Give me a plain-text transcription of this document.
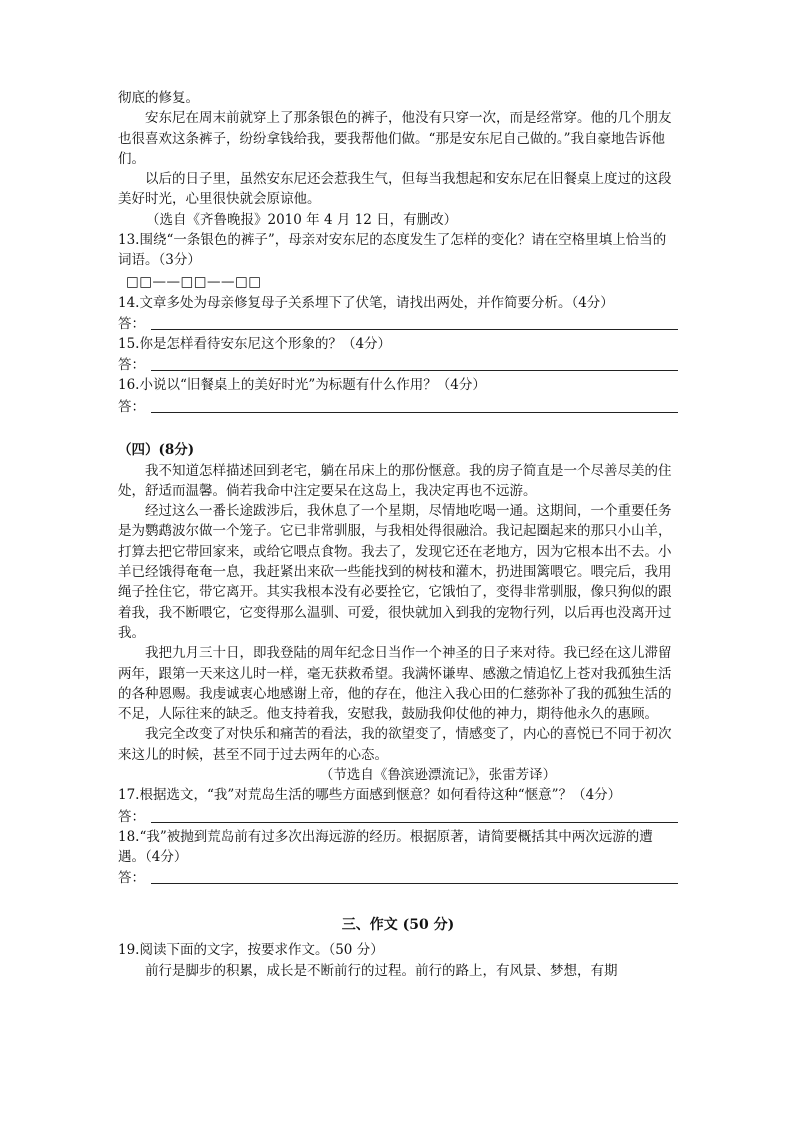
彻底的修复。

安东尼在周末前就穿上了那条银色的裤子，他没有只穿一次，而是经常穿。他的几个朋友也很喜欢这条裤子，纷纷拿钱给我，要我帮他们做。“那是安东尼自己做的。”我自豪地告诉他们。

以后的日子里，虽然安东尼还会惹我生气，但每当我想起和安东尼在旧餐桌上度过的这段美好时光，心里很快就会原谅他。

（选自《齐鲁晚报》2010 年 4 月 12 日，有删改）

13.围绕“一条银色的裤子”，母亲对安东尼的态度发生了怎样的变化？请在空格里填上恰当的词语。（3分）

□□——□□——□□

14.文章多处为母亲修复母子关系埋下了伏笔，请找出两处，并作简要分析。（4分）

答：

15.你是怎样看待安东尼这个形象的？（4分）

答：

16.小说以“旧餐桌上的美好时光”为标题有什么作用？（4分）

答：

（四）(8分)

我不知道怎样描述回到老宅，躺在吊床上的那份惬意。我的房子简直是一个尽善尽美的住处，舒适而温馨。倘若我命中注定要呆在这岛上，我决定再也不远游。

经过这么一番长途跋涉后，我休息了一个星期，尽情地吃喝一通。这期间，一个重要任务是为鹦鹉波尔做一个笼子。它已非常驯服，与我相处得很融洽。我记起圈起来的那只小山羊，打算去把它带回家来，或给它喂点食物。我去了，发现它还在老地方，因为它根本出不去。小羊已经饿得奄奄一息，我赶紧出来砍一些能找到的树枝和灌木，扔进围篱喂它。喂完后，我用绳子拴住它，带它离开。其实我根本没有必要拴它，它饿怕了，变得非常驯服，像只狗似的跟着我，我不断喂它，它变得那么温驯、可爱，很快就加入到我的宠物行列，以后再也没离开过我。

我把九月三十日，即我登陆的周年纪念日当作一个神圣的日子来对待。我已经在这儿滞留两年，跟第一天来这儿时一样，毫无获救希望。我满怀谦卑、感激之情追忆上苍对我孤独生活的各种恩赐。我虔诚衷心地感谢上帝，他的存在，他注入我心田的仁慈弥补了我的孤独生活的不足，人际往来的缺乏。他支持着我，安慰我，鼓励我仰仗他的神力，期待他永久的惠顾。

我完全改变了对快乐和痛苦的看法，我的欲望变了，情感变了，内心的喜悦已不同于初次来这儿的时候，甚至不同于过去两年的心态。

（节选自《鲁滨逊漂流记》，张雷芳译）

17.根据选文，“我”对荒岛生活的哪些方面感到惬意？如何看待这种“惬意”？（4分）

答：

18.“我”被抛到荒岛前有过多次出海远游的经历。根据原著，请简要概括其中两次远游的遭遇。（4分）

答：

三、作文 (50 分)

19.阅读下面的文字，按要求作文。（50 分）

前行是脚步的积累，成长是不断前行的过程。前行的路上，有风景、梦想，有期
